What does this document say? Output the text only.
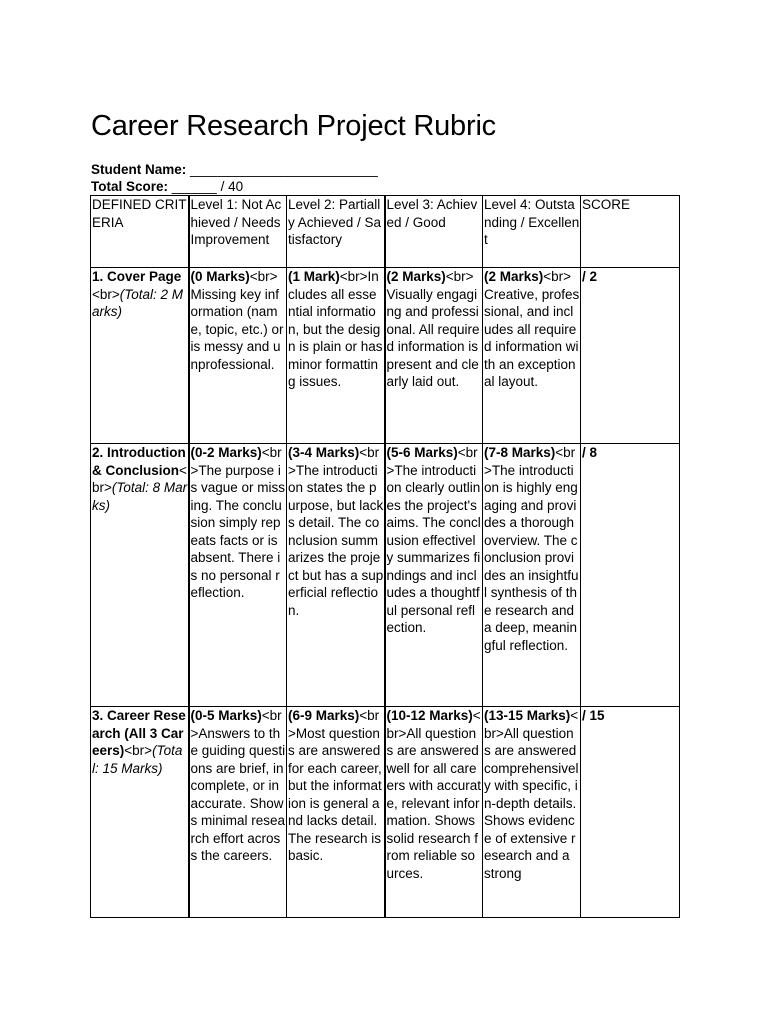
Career Research Project Rubric
Student Name: _________________________
Total Score: ______ / 40
DEFINED CRITERIA	Level 1: Not Achieved / Needs Improvement	Level 2: Partially Achieved / Satisfactory	Level 3: Achieved / Good	Level 4: Outstanding / Excellent	SCORE

1. Cover Page<br>(Total: 2 Marks)	(0 Marks)<br>Missing key information (name, topic, etc.) or is messy and unprofessional.	(1 Mark)<br>Includes all essential information, but the design is plain or has minor formatting issues.	(2 Marks)<br>Visually engaging and professional. All required information is present and clearly laid out.	(2 Marks)<br>Creative, professional, and includes all required information with an exceptional layout.	/ 2

2. Introduction & Conclusion<br>(Total: 8 Marks)	(0-2 Marks)<br>The purpose is vague or missing. The conclusion simply repeats facts or is absent. There is no personal reflection.	(3-4 Marks)<br>The introduction states the purpose, but lacks detail. The conclusion summarizes the project but has a superficial reflection.	(5-6 Marks)<br>The introduction clearly outlines the project's aims. The conclusion effectively summarizes findings and includes a thoughtful personal reflection.	(7-8 Marks)<br>The introduction is highly engaging and provides a thorough overview. The conclusion provides an insightful synthesis of the research and a deep, meaningful reflection.	/ 8

3. Career Research (All 3 Careers)<br>(Total: 15 Marks)	(0-5 Marks)<br>Answers to the guiding questions are brief, incomplete, or inaccurate. Shows minimal research effort across the careers.	(6-9 Marks)<br>Most questions are answered for each career, but the information is general and lacks detail. The research is basic.	(10-12 Marks)<br>All questions are answered well for all careers with accurate, relevant information. Shows solid research from reliable sources.	(13-15 Marks)<br>All questions are answered comprehensively with specific, in-depth details. Shows evidence of extensive research and a strong	/ 15
